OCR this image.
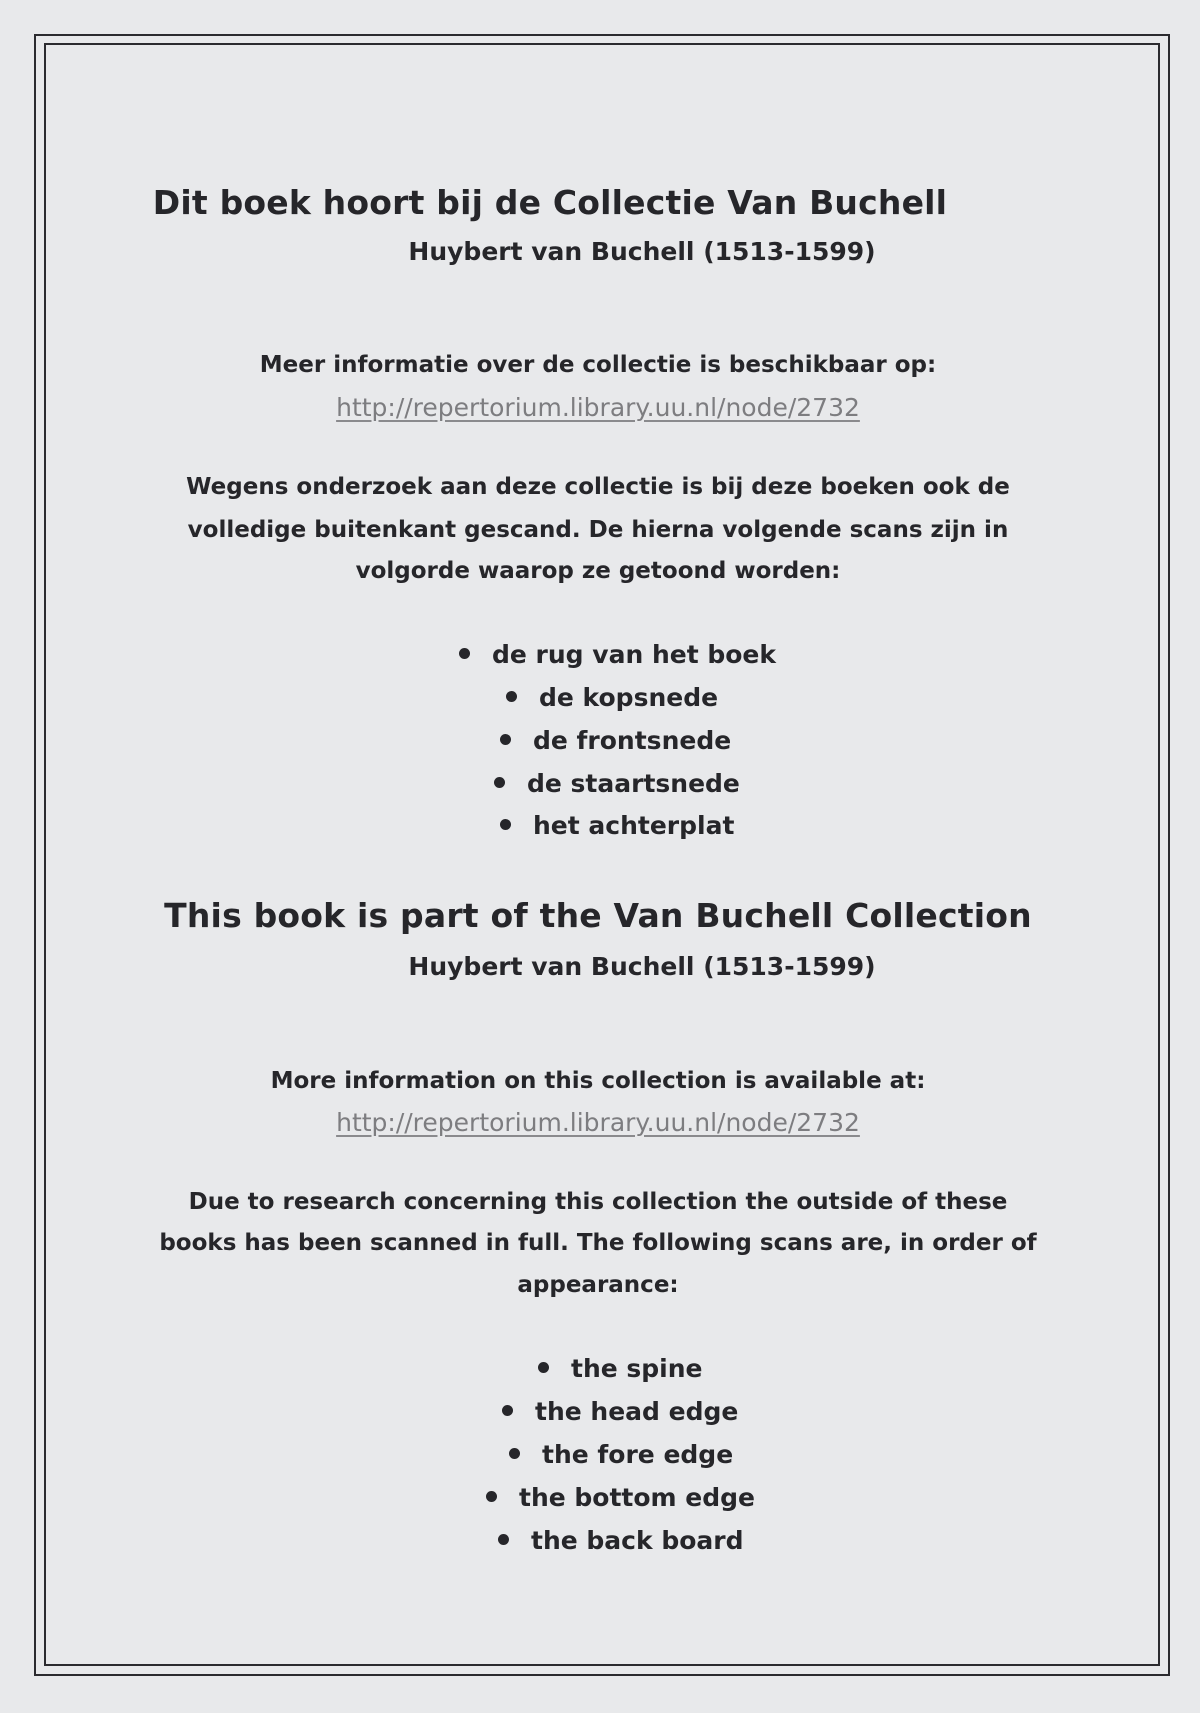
Dit boek hoort bij de Collectie Van Buchell

Huybert van Buchell (1513-1599)

Meer informatie over de collectie is beschikbaar op:

http://repertorium.library.uu.nl/node/2732

Wegens onderzoek aan deze collectie is bij deze boeken ook de

volledige buitenkant gescand. De hierna volgende scans zijn in

volgorde waarop ze getoond worden:

de rug van het boek
de kopsnede
de frontsnede
de staartsnede
het achterplat

This book is part of the Van Buchell Collection

Huybert van Buchell (1513-1599)

More information on this collection is available at:

http://repertorium.library.uu.nl/node/2732

Due to research concerning this collection the outside of these

books has been scanned in full. The following scans are, in order of

appearance:

the spine
the head edge
the fore edge
the bottom edge
the back board
